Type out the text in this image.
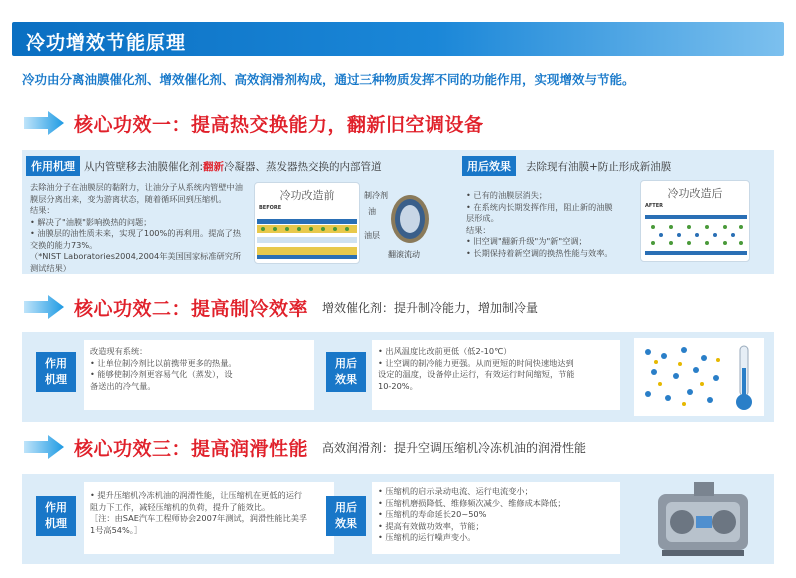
冷功增效节能原理
冷功由分离油膜催化剂、增效催化剂、高效润滑剂构成，通过三种物质发挥不同的功能作用，实现增效与节能。
核心功效一：提高热交换能力，翻新旧空调设备
作用机理 从内管壁移去油膜催化剂:翻新冷凝器、蒸发器热交换的内部管道
去除油分子在油膜层的黏附力，让油分子从系统内管壁中油
膜层分离出来，变为游离状态，随着循环回到压缩机。
结果：
• 解决了"油膜"影响换热的问题；
• 油膜层的油性质未来，实现了100%的再利用。提高了热
交换的能力73%。
（*NIST Laboratories2004,2004年美国国家标准研究所
测试结果）
冷功改造前
BEFORE
制冷剂
油
油层
翻滚流动
用后效果 去除现有油膜+防止形成新油膜
• 已有的油膜层消失；
• 在系统内长期发挥作用，阻止新的油膜
层形成。
结果：
• 旧空调"翻新升级"为"新"空调；
• 长期保持着新空调的换热性能与效率。
冷功改造后
AFTER
核心功效二：提高制冷效率 增效催化剂：提升制冷能力，增加制冷量
作用
机理
改造现有系统：
• 让单位制冷剂比以前携带更多的热量。
• 能够使制冷剂更容易气化（蒸发），设
备送出的冷气量。
用后
效果
• 出风温度比改前更低（低2-10℃）
• 让空调的制冷能力更强。从而更短的时间快速地达到
设定的温度，设备停止运行，有效运行时间缩短，节能
10-20%。
核心功效三：提高润滑性能 高效润滑剂：提升空调压缩机冷冻机油的润滑性能
作用
机理
• 提升压缩机冷冻机油的润滑性能，让压缩机在更低的运行
阻力下工作，减轻压缩机的负荷，提升了能效比。
［注：由SAE汽车工程师协会2007年测试，润滑性能比美孚
1号高54%。］
用后
效果
• 压缩机的启示录动电流、运行电流变小；
• 压缩机磨损降低、维修频次减少、维修成本降低；
• 压缩机的寿命延长20~50%
• 提高有效做功效率，节能；
• 压缩机的运行噪声变小。
